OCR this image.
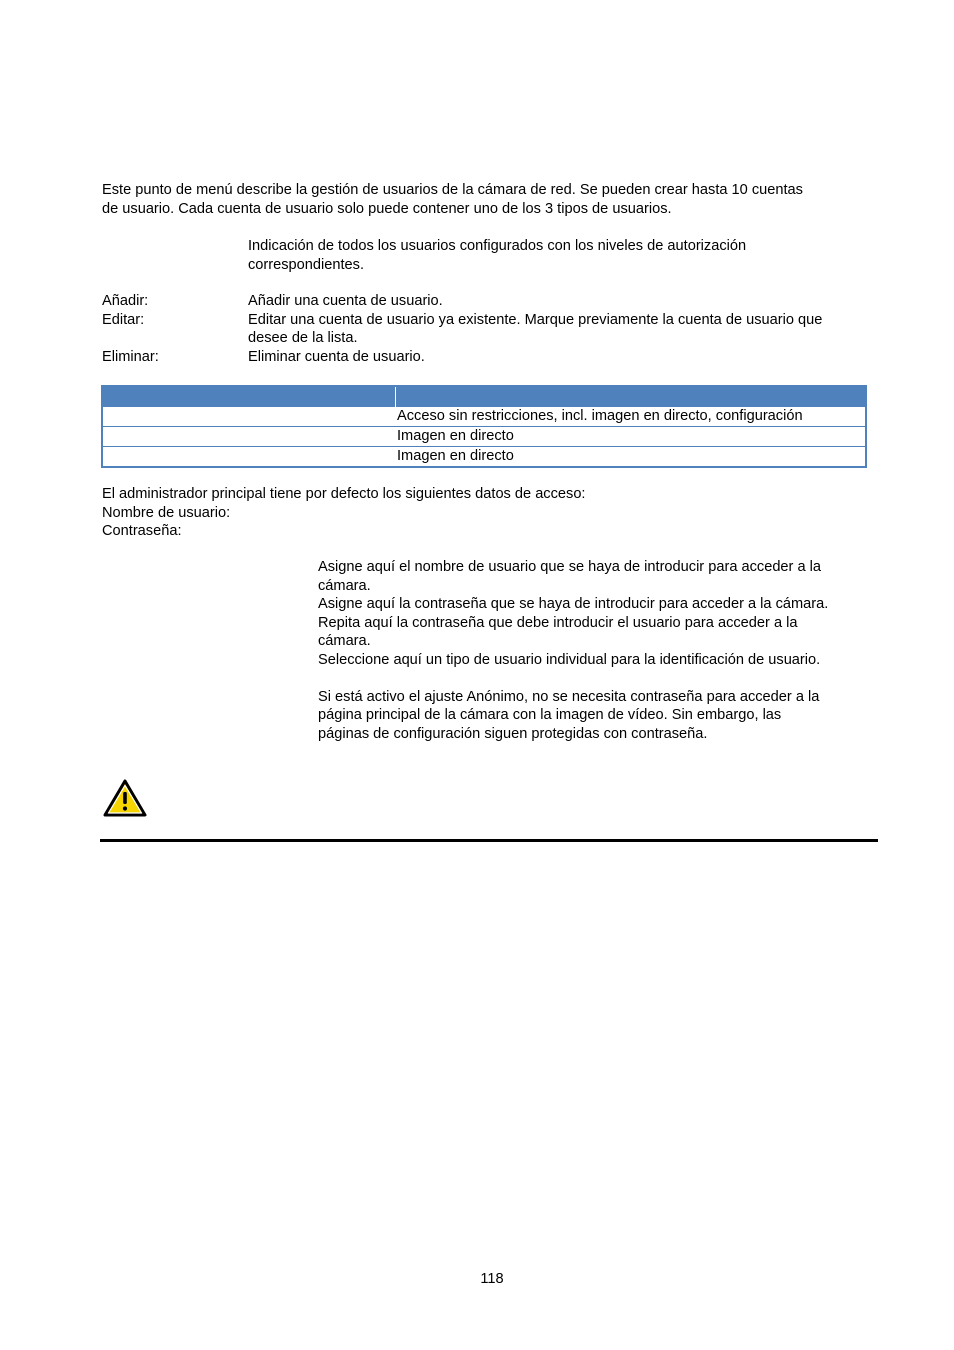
Este punto de menú describe la gestión de usuarios de la cámara de red. Se pueden crear hasta 10 cuentas

de usuario. Cada cuenta de usuario solo puede contener uno de los 3 tipos de usuarios.

Indicación de todos los usuarios configurados con los niveles de autorización
correspondientes.
Añadir:	Añadir una cuenta de usuario.
Editar:	Editar una cuenta de usuario ya existente. Marque previamente la cuenta de usuario que
desee de la lista.
Eliminar:	Eliminar cuenta de usuario.

	Acceso sin restricciones, incl. imagen en directo, configuración
	Imagen en directo
	Imagen en directo
El administrador principal tiene por defecto los siguientes datos de acceso:
Nombre de usuario:
Contraseña:

Asigne aquí el nombre de usuario que se haya de introducir para acceder a la

cámara.

Asigne aquí la contraseña que se haya de introducir para acceder a la cámara.

Repita aquí la contraseña que debe introducir el usuario para acceder a la

cámara.

Seleccione aquí un tipo de usuario individual para la identificación de usuario.

Si está activo el ajuste Anónimo, no se necesita contraseña para acceder a la

página principal de la cámara con la imagen de vídeo. Sin embargo, las

páginas de configuración siguen protegidas con contraseña.

118
